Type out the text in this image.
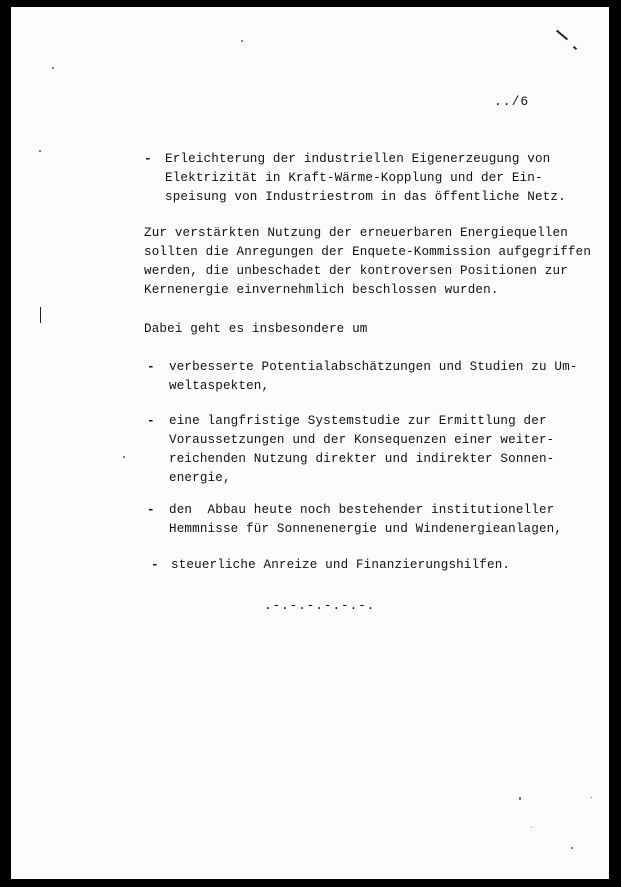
../6
- Erleichterung der industriellen Eigenerzeugung von
Elektrizität in Kraft-Wärme-Kopplung und der Ein-
speisung von Industriestrom in das öffentliche Netz.
Zur verstärkten Nutzung der erneuerbaren Energiequellen
sollten die Anregungen der Enquete-Kommission aufgegriffen
werden, die unbeschadet der kontroversen Positionen zur
Kernenergie einvernehmlich beschlossen wurden.
Dabei geht es insbesondere um
- verbesserte Potentialabschätzungen und Studien zu Um-
weltaspekten,
- eine langfristige Systemstudie zur Ermittlung der
Voraussetzungen und der Konsequenzen einer weiter-
reichenden Nutzung direkter und indirekter Sonnen-
energie,
- den  Abbau heute noch bestehender institutioneller
Hemmnisse für Sonnenenergie und Windenergieanlagen,
- steuerliche Anreize und Finanzierungshilfen.
.-.-.-.-.-.-.
